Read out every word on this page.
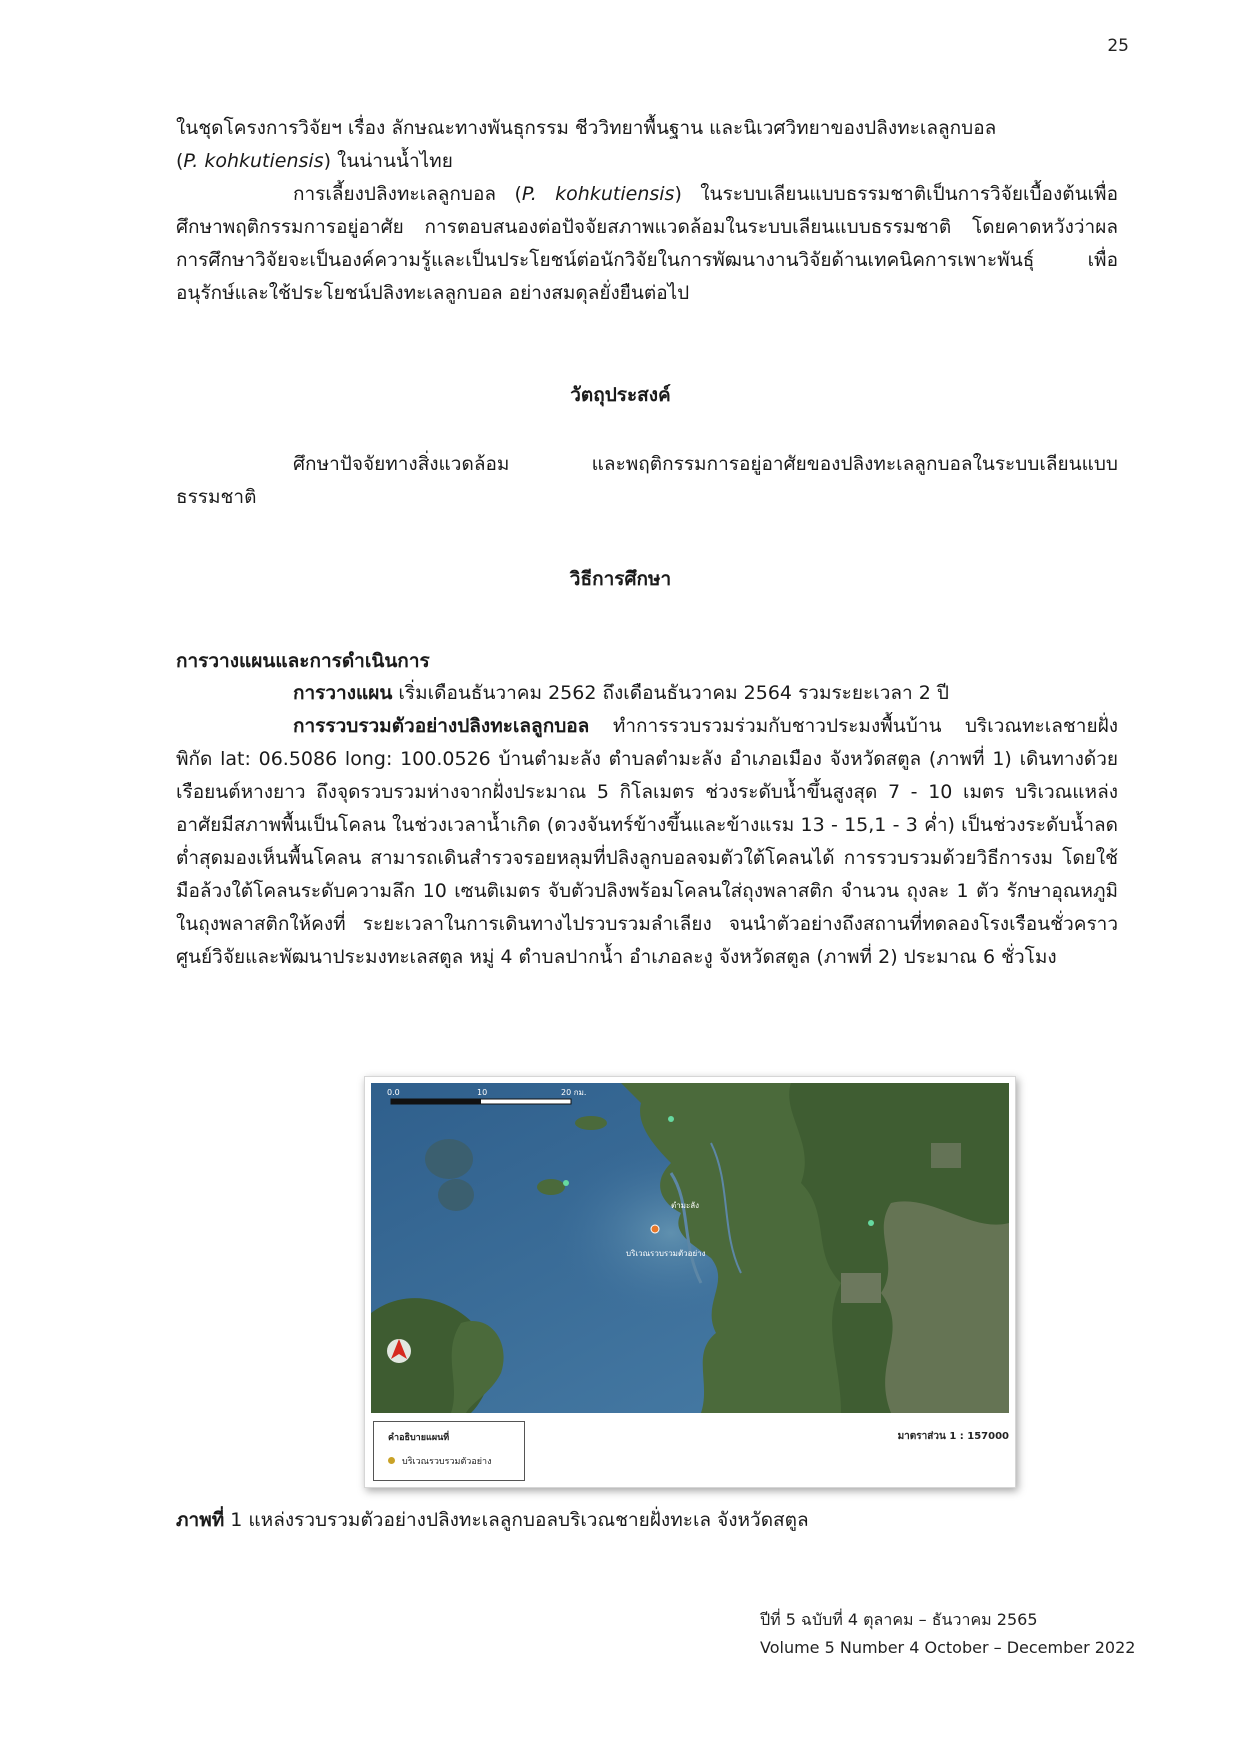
25

ในชุดโครงการวิจัยฯ เรื่อง ลักษณะทางพันธุกรรม ชีววิทยาพื้นฐาน และนิเวศวิทยาของปลิงทะเลลูกบอล
(P. kohkutiensis) ในน่านน้ำไทย

การเลี้ยงปลิงทะเลลูกบอล (P. kohkutiensis) ในระบบเลียนแบบธรรมชาติเป็นการวิจัยเบื้องต้นเพื่อศึกษาพฤติกรรมการอยู่อาศัย การตอบสนองต่อปัจจัยสภาพแวดล้อมในระบบเลียนแบบธรรมชาติ โดยคาดหวังว่าผลการศึกษาวิจัยจะเป็นองค์ความรู้และเป็นประโยชน์ต่อนักวิจัยในการพัฒนางานวิจัยด้านเทคนิคการเพาะพันธุ์ เพื่ออนุรักษ์และใช้ประโยชน์ปลิงทะเลลูกบอล อย่างสมดุลยั่งยืนต่อไป

วัตถุประสงค์

ศึกษาปัจจัยทางสิ่งแวดล้อม และพฤติกรรมการอยู่อาศัยของปลิงทะเลลูกบอลในระบบเลียนแบบธรรมชาติ

วิธีการศึกษา
การวางแผนและการดำเนินการ

การวางแผน เริ่มเดือนธันวาคม 2562 ถึงเดือนธันวาคม 2564 รวมระยะเวลา 2 ปี

การรวบรวมตัวอย่างปลิงทะเลลูกบอล ทำการรวบรวมร่วมกับชาวประมงพื้นบ้าน บริเวณทะเลชายฝั่ง พิกัด lat: 06.5086 long: 100.0526 บ้านตำมะลัง ตำบลตำมะลัง อำเภอเมือง จังหวัดสตูล (ภาพที่ 1) เดินทางด้วยเรือยนต์หางยาว ถึงจุดรวบรวมห่างจากฝั่งประมาณ 5 กิโลเมตร ช่วงระดับน้ำขึ้นสูงสุด 7 - 10 เมตร บริเวณแหล่งอาศัยมีสภาพพื้นเป็นโคลน ในช่วงเวลาน้ำเกิด (ดวงจันทร์ข้างขึ้นและข้างแรม 13 - 15,1 - 3 ค่ำ) เป็นช่วงระดับน้ำลดต่ำสุดมองเห็นพื้นโคลน สามารถเดินสำรวจรอยหลุมที่ปลิงลูกบอลจมตัวใต้โคลนได้ การรวบรวมด้วยวิธีการงม โดยใช้มือล้วงใต้โคลนระดับความลึก 10 เซนติเมตร จับตัวปลิงพร้อมโคลนใส่ถุงพลาสติก จำนวน ถุงละ 1 ตัว รักษาอุณหภูมิในถุงพลาสติกให้คงที่ ระยะเวลาในการเดินทางไปรวบรวมลำเลียง จนนำตัวอย่างถึงสถานที่ทดลองโรงเรือนชั่วคราว ศูนย์วิจัยและพัฒนาประมงทะเลสตูล หมู่ 4 ตำบลปากน้ำ อำเภอละงู จังหวัดสตูล (ภาพที่ 2) ประมาณ 6 ชั่วโมง

0.0	10	20 กม.
ตำมะลัง
บริเวณรวบรวมตัวอย่าง
คำอธิบายแผนที่
บริเวณรวบรวมตัวอย่าง
มาตราส่วน 1 : 157000
ภาพที่ 1 แหล่งรวบรวมตัวอย่างปลิงทะเลลูกบอลบริเวณชายฝั่งทะเล จังหวัดสตูล
ปีที่ 5 ฉบับที่ 4 ตุลาคม – ธันวาคม 2565
Volume 5 Number 4 October – December 2022
